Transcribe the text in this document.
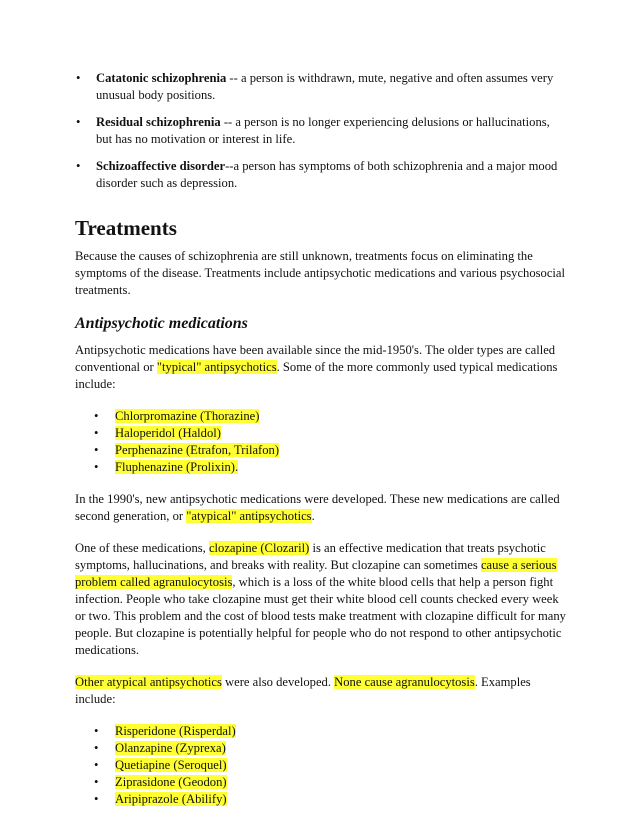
• Catatonic schizophrenia -- a person is withdrawn, mute, negative and often assumes very unusual body positions.
• Residual schizophrenia -- a person is no longer experiencing delusions or hallucinations, but has no motivation or interest in life.
• Schizoaffective disorder--a person has symptoms of both schizophrenia and a major mood disorder such as depression.
Treatments

Because the causes of schizophrenia are still unknown, treatments focus on eliminating the symptoms of the disease. Treatments include antipsychotic medications and various psychosocial treatments.

Antipsychotic medications

Antipsychotic medications have been available since the mid-1950's. The older types are called conventional or "typical" antipsychotics. Some of the more commonly used typical medications include:

• Chlorpromazine (Thorazine)
• Haloperidol (Haldol)
• Perphenazine (Etrafon, Trilafon)
• Fluphenazine (Prolixin).

In the 1990's, new antipsychotic medications were developed. These new medications are called second generation, or "atypical" antipsychotics.

One of these medications, clozapine (Clozaril) is an effective medication that treats psychotic symptoms, hallucinations, and breaks with reality. But clozapine can sometimes cause a serious problem called agranulocytosis, which is a loss of the white blood cells that help a person fight infection. People who take clozapine must get their white blood cell counts checked every week or two. This problem and the cost of blood tests make treatment with clozapine difficult for many people. But clozapine is potentially helpful for people who do not respond to other antipsychotic medications.

Other atypical antipsychotics were also developed. None cause agranulocytosis. Examples include:

• Risperidone (Risperdal)
• Olanzapine (Zyprexa)
• Quetiapine (Seroquel)
• Ziprasidone (Geodon)
• Aripiprazole (Abilify)
